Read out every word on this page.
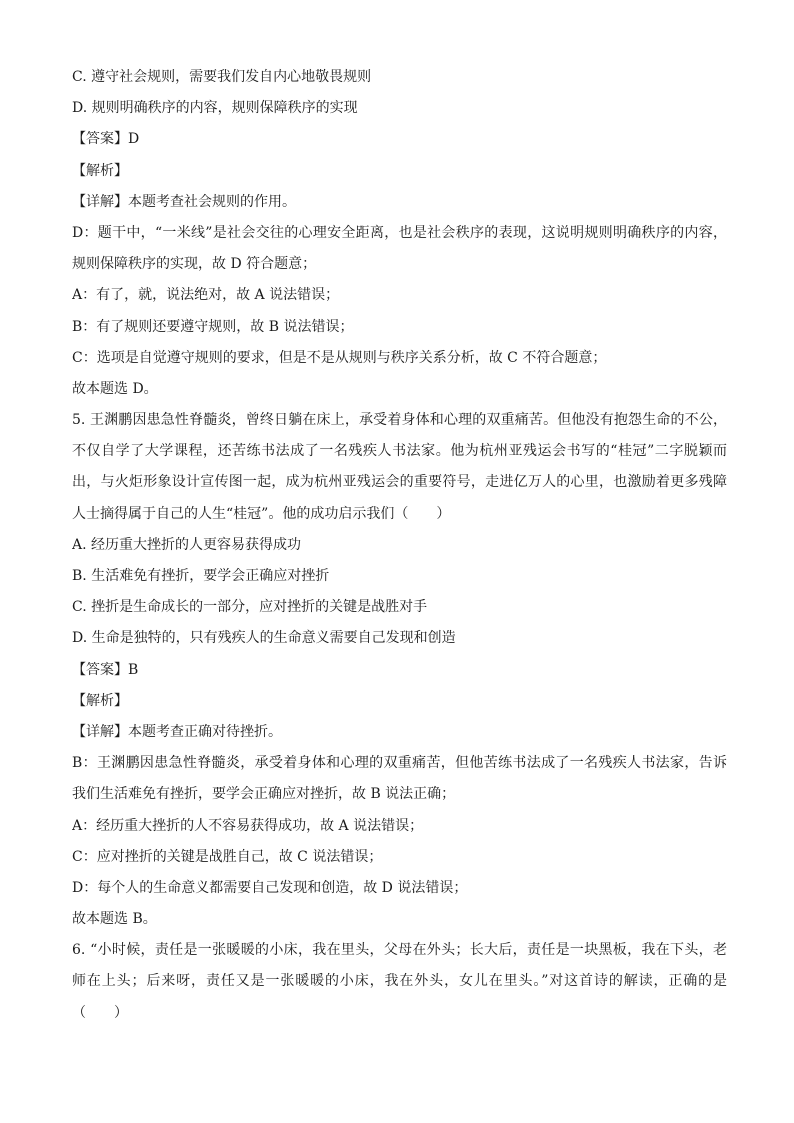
C. 遵守社会规则，需要我们发自内心地敬畏规则
D. 规则明确秩序的内容，规则保障秩序的实现
【答案】D
【解析】
【详解】本题考查社会规则的作用。
D：题干中，“一米线”是社会交往的心理安全距离，也是社会秩序的表现，这说明规则明确秩序的内容，
规则保障秩序的实现，故 D 符合题意；
A：有了，就，说法绝对，故 A 说法错误；
B：有了规则还要遵守规则，故 B 说法错误；
C：选项是自觉遵守规则的要求，但是不是从规则与秩序关系分析，故 C 不符合题意；
故本题选 D。
5. 王渊鹏因患急性脊髓炎，曾终日躺在床上，承受着身体和心理的双重痛苦。但他没有抱怨生命的不公，
不仅自学了大学课程，还苦练书法成了一名残疾人书法家。他为杭州亚残运会书写的“桂冠”二字脱颖而
出，与火炬形象设计宣传图一起，成为杭州亚残运会的重要符号，走进亿万人的心里，也激励着更多残障
人士摘得属于自己的人生“桂冠”。他的成功启示我们（　　）
A. 经历重大挫折的人更容易获得成功
B. 生活难免有挫折，要学会正确应对挫折
C. 挫折是生命成长的一部分，应对挫折的关键是战胜对手
D. 生命是独特的，只有残疾人的生命意义需要自己发现和创造
【答案】B
【解析】
【详解】本题考查正确对待挫折。
B：王渊鹏因患急性脊髓炎，承受着身体和心理的双重痛苦，但他苦练书法成了一名残疾人书法家，告诉
我们生活难免有挫折，要学会正确应对挫折，故 B 说法正确；
A：经历重大挫折的人不容易获得成功，故 A 说法错误；
C：应对挫折的关键是战胜自己，故 C 说法错误；
D：每个人的生命意义都需要自己发现和创造，故 D 说法错误；
故本题选 B。
6. “小时候，责任是一张暖暖的小床，我在里头，父母在外头；长大后，责任是一块黑板，我在下头，老
师在上头；后来呀，责任又是一张暖暖的小床，我在外头，女儿在里头。”对这首诗的解读，正确的是
（　　）
